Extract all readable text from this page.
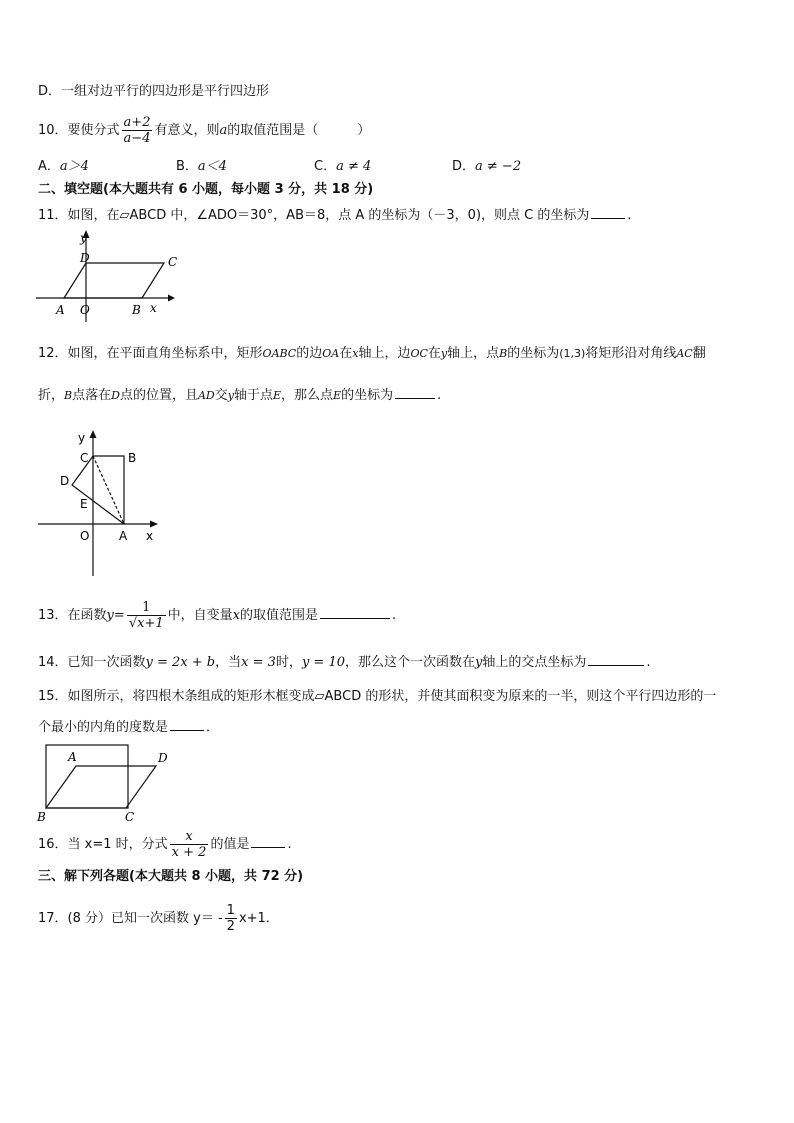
D．一组对边平行的四边形是平行四边形
10．要使分式 $\frac{a+2}{a-4}$ 有意义，则a的取值范围是（　　　）
A．a＞4	B．a＜4	C．a ≠ 4	D．a ≠ −2
二、填空题(本大题共有 6 小题，每小题 3 分，共 18 分)
11．如图，在▱ABCD 中，∠ADO＝30°，AB＝8，点 A 的坐标为（－3，0)，则点 C 的坐标为	．
y
D	C
A O	B x
12．如图，在平面直角坐标系中，矩形OABC的边OA在x轴上，边OC在y轴上，点B的坐标为(1,3)将矩形沿对角线AC翻
折，B点落在D点的位置，且AD交y轴于点E，那么点E的坐标为	.
y
C	B
D
E
O A x
13．在函数$y= \frac{1}{√x+1}$ 中，自变量x的取值范围是	.
14．已知一次函数y = 2x + b，当x = 3时，y = 10，那么这个一次函数在y轴上的交点坐标为	.
15．如图所示，将四根木条组成的矩形木框变成▱ABCD 的形状，并使其面积变为原来的一半，则这个平行四边形的一
个最小的内角的度数是	．
A	D
B	C
16．当 x=1 时，分式 $\frac{x}{x + 2}$ 的值是	.
三、解下列各题(本大题共 8 小题，共 72 分)
17．(8 分）已知一次函数 $y= - \frac{1}{2} x+1$．
